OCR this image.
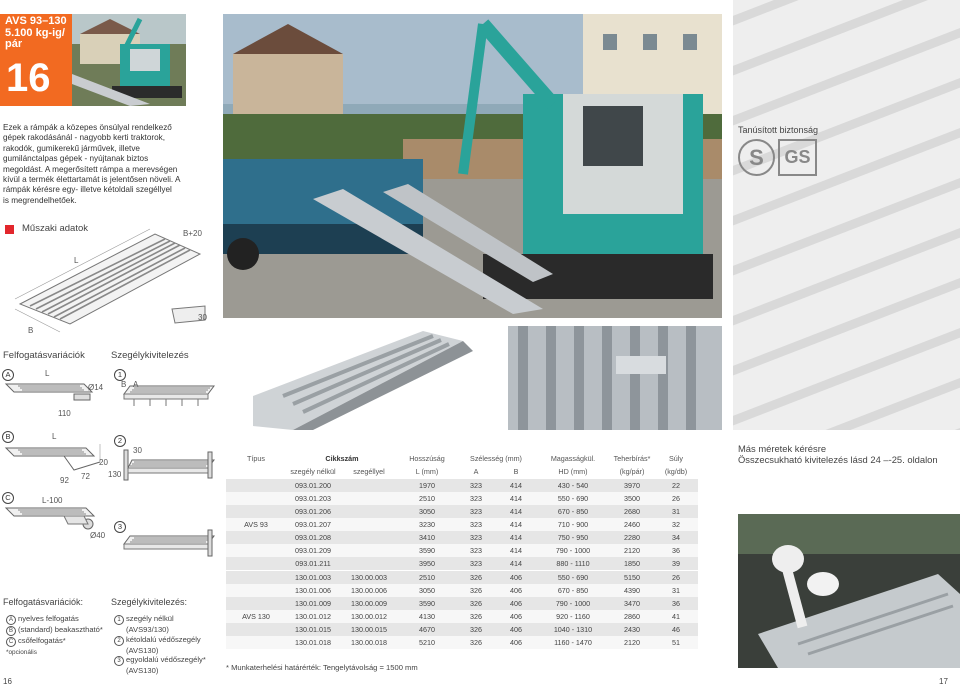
AVS 93–130
5.100 kg-ig/
pár
16
Ezek a rámpák a közepes önsúlyal rendelkező
gépek rakodásánál - nagyobb kerti traktorok,
rakodók, gumikerekű járművek, illetve
gumilánctalpas gépek - nyújtanak biztos
megoldást. A megerősített rámpa a merevségen
kívül a termék élettartamát is jelentősen növeli. A
rámpák kérésre egy- illetve kétoldali szegéllyel
is megrendelhetőek.
Tanúsított biztonság
S	GS
Műszaki adatok
L
B
B+20
30
Felfogatásvariációk	Szegélykivitelezés
A	L
Ø14
110
1
B A
B	L
92 72
20
2
130
30
C	L-100
Ø40
3
Más méretek kérésre
Összecsukható kivitelezés lásd 24 –-25. oldalon
Típus	Cikkszám		Hosszúság	Szélesség (mm)		Magasságkül.	Teherbírás*	Súly
	szegély nélkül	szegéllyel	L (mm)	A	B	HD (mm)	(kg/pár)	(kg/db)
	093.01.200		1970	323	414	430 - 540	3970	22
	093.01.203		2510	323	414	550 - 690	3500	26
	093.01.206		3050	323	414	670 - 850	2680	31
AVS 93	093.01.207		3230	323	414	710 - 900	2460	32
	093.01.208		3410	323	414	750 - 950	2280	34
	093.01.209		3590	323	414	790 - 1000	2120	36
	093.01.211		3950	323	414	880 - 1110	1850	39
	130.01.003	130.00.003	2510	326	406	550 - 690	5150	26
	130.01.006	130.00.006	3050	326	406	670 - 850	4390	31
	130.01.009	130.00.009	3590	326	406	790 - 1000	3470	36
AVS 130	130.01.012	130.00.012	4130	326	406	920 - 1160	2860	41
	130.01.015	130.00.015	4670	326	406	1040 - 1310	2430	46
	130.01.018	130.00.018	5210	326	406	1160 - 1470	2120	51
* Munkaterhelési határérték: Tengelytávolság = 1500 mm
Felfogatásvariációk:	Szegélykivitelezés:
A nyelves felfogatás
B (standard) beakasztható*
C csőfelfogatás*
*opcionális
1 szegély nélkül
(AVS93/130)
2 kétoldalú védőszegély
(AVS130)
3 egyoldalú védőszegély*
(AVS130)
16	17
